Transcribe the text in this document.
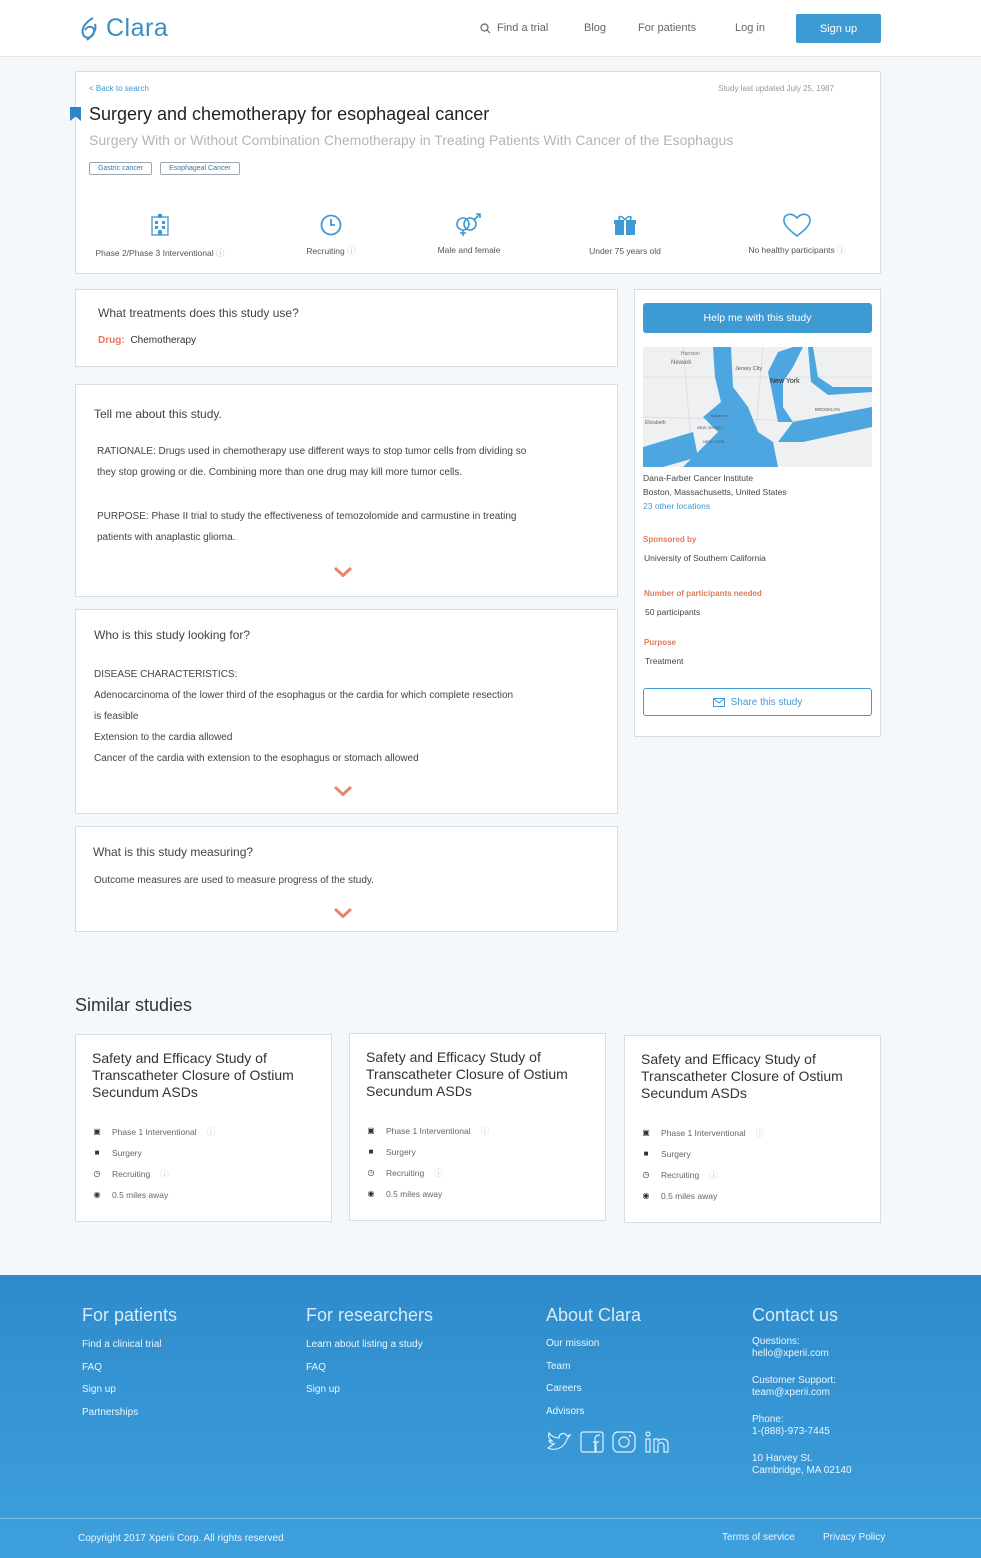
Clara	Find a trial	Blog	For patients	Log in	Sign up
< Back to search	Study last updated July 25, 1987
Surgery and chemotherapy for esophageal cancer
Surgery With or Without Combination Chemotherapy in Treating Patients With Cancer of the Esophagus
Gastric cancer	Esophageal Cancer
Phase 2/Phase 3 Interventional ⓘ	Recruiting ⓘ	Male and female	Under 75 years old	No healthy participants ⓘ
What treatments does this study use?
Drug: Chemotherapy
Tell me about this study.
RATIONALE: Drugs used in chemotherapy use different ways to stop tumor cells from dividing so
they stop growing or die. Combining more than one drug may kill more tumor cells.
PURPOSE: Phase II trial to study the effectiveness of temozolomide and carmustine in treating
patients with anaplastic glioma.
Who is this study looking for?
DISEASE CHARACTERISTICS:
Adenocarcinoma of the lower third of the esophagus or the cardia for which complete resection
is feasible
Extension to the cardia allowed
Cancer of the cardia with extension to the esophagus or stomach allowed
What is this study measuring?
Outcome measures are used to measure progress of the study.
Help me with this study
Harrison
Newark
Jersey City
New York
Elizabeth
BROOKLYN
NEW JERSEY
NEW YORK
Bayonne
Dana-Farber Cancer Institute
Boston, Massachusetts, United States
23 other locations
Sponsored by
University of Southern California
Number of participants needed
50 participants
Purpose
Treatment
Share this study
Similar studies
Safety and Efficacy Study of Transcatheter Closure of Ostium Secundum ASDs
▣ Phase 1 Interventional ⓘ
■	Surgery
◷ Recruiting ⓘ
◉ 0.5 miles away
Safety and Efficacy Study of Transcatheter Closure of Ostium Secundum ASDs
▣ Phase 1 Interventional ⓘ
■	Surgery
◷ Recruiting ⓘ
◉ 0.5 miles away
Safety and Efficacy Study of Transcatheter Closure of Ostium Secundum ASDs
▣ Phase 1 Interventional ⓘ
■	Surgery
◷ Recruiting ⓘ
◉ 0.5 miles away
For patients
Find a clinical trial
FAQ
Sign up
Partnerships
For researchers
Learn about listing a study
FAQ
Sign up
About Clara
Our mission
Team
Careers
Advisors
Contact us
Questions:
hello@xperii.com
Customer Support:
team@xperii.com
Phone:
1-(888)-973-7445
10 Harvey St.
Cambridge, MA 02140
Copyright 2017 Xperii Corp. All rights reserved	Terms of service	Privacy Policy
